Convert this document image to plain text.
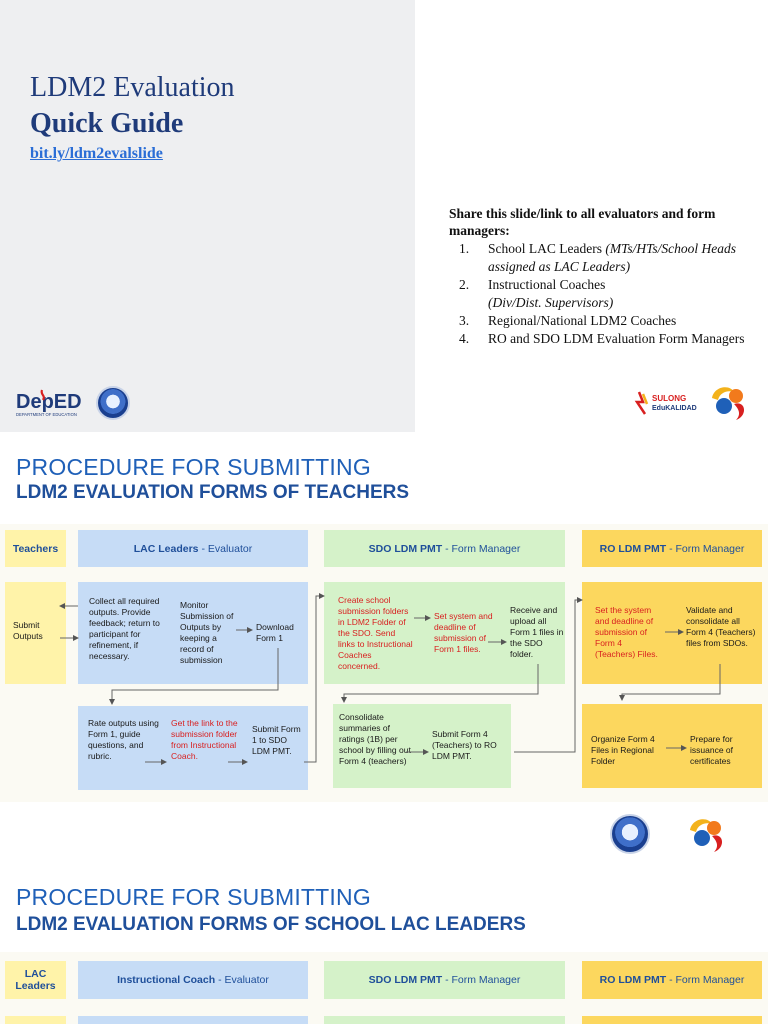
LDM2 Evaluation
Quick Guide
bit.ly/ldm2evalslide
DepED
DEPARTMENT OF EDUCATION
Share this slide/link to all evaluators and form managers:
1. School LAC Leaders (MTs/HTs/School Heads assigned as LAC Leaders)
2. Instructional Coaches
(Div/Dist. Supervisors)
3. Regional/National LDM2 Coaches
4. RO and SDO LDM Evaluation Form Managers
SULONG
EduKALIDAD
PROCEDURE FOR SUBMITTING
LDM2 EVALUATION FORMS OF TEACHERS
Teachers	LAC Leaders - Evaluator	SDO LDM PMT - Form Manager	RO LDM PMT - Form Manager
Submit Outputs
Collect all required outputs. Provide feedback; return to participant for refinement, if necessary.
Monitor Submission of Outputs by keeping a record of submission
Download Form 1
Create school submission folders in LDM2 Folder of the SDO. Send links to Instructional Coaches concerned.
Set system and deadline of submission of Form 1 files.
Receive and upload all Form 1 files in the SDO folder.
Set the system and deadline of submission of Form 4 (Teachers) Files.
Validate and consolidate all Form 4 (Teachers) files from SDOs.
Rate outputs using Form 1, guide questions, and rubric.
Get the link to the submission folder from Instructional Coach.
Submit Form 1 to SDO LDM PMT.
Consolidate summaries of ratings (1B) per school by filling out Form 4 (teachers)
Submit Form 4 (Teachers) to RO LDM PMT.
Organize Form 4 Files in Regional Folder
Prepare for issuance of certificates
PROCEDURE FOR SUBMITTING
LDM2 EVALUATION FORMS OF SCHOOL LAC LEADERS
LAC Leaders	Instructional Coach - Evaluator	SDO LDM PMT - Form Manager	RO LDM PMT - Form Manager
